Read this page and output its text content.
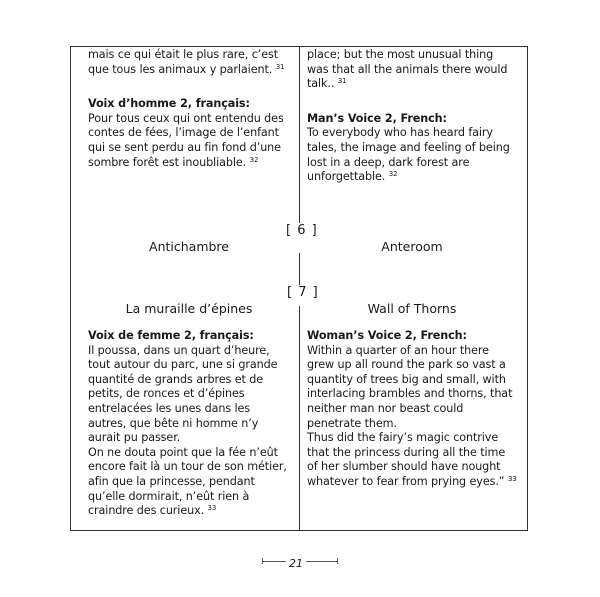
mais ce qui était le plus rare, c’est que tous les animaux y parlaient. $^{31}$

Voix d’homme 2, français:

Pour tous ceux qui ont entendu des contes de fées, l’image de l’enfant qui se sent perdu au fin fond d’une sombre forêt est inoubliable. $^{32}$

place; but the most unusual thing was that all the animals there would talk.. $^{31}$

Man’s Voice 2, French:

To everybody who has heard fairy tales, the image and feeling of being lost in a deep, dark forest are unforgettable. $^{32}$

[ 6 ]
Antichambre	Anteroom
[ 7 ]
La muraille d’épines	Wall of Thorns

Voix de femme 2, français:

Il poussa, dans un quart d’heure, tout autour du parc, une si grande quantité de grands arbres et de petits, de ronces et d’épines entrelacées les unes dans les autres, que bête ni homme n’y aurait pu passer.

On ne douta point que la fée n’eût encore fait là un tour de son métier, afin que la princesse, pendant qu’elle dormirait, n’eût rien à craindre des curieux. $^{33}$

Woman’s Voice 2, French:

Within a quarter of an hour there grew up all round the park so vast a quantity of trees big and small, with interlacing brambles and thorns, that neither man nor beast could penetrate them.

Thus did the fairy’s magic contrive that the princess during all the time of her slumber should have nought whatever to fear from prying eyes.” $^{33}$

21
